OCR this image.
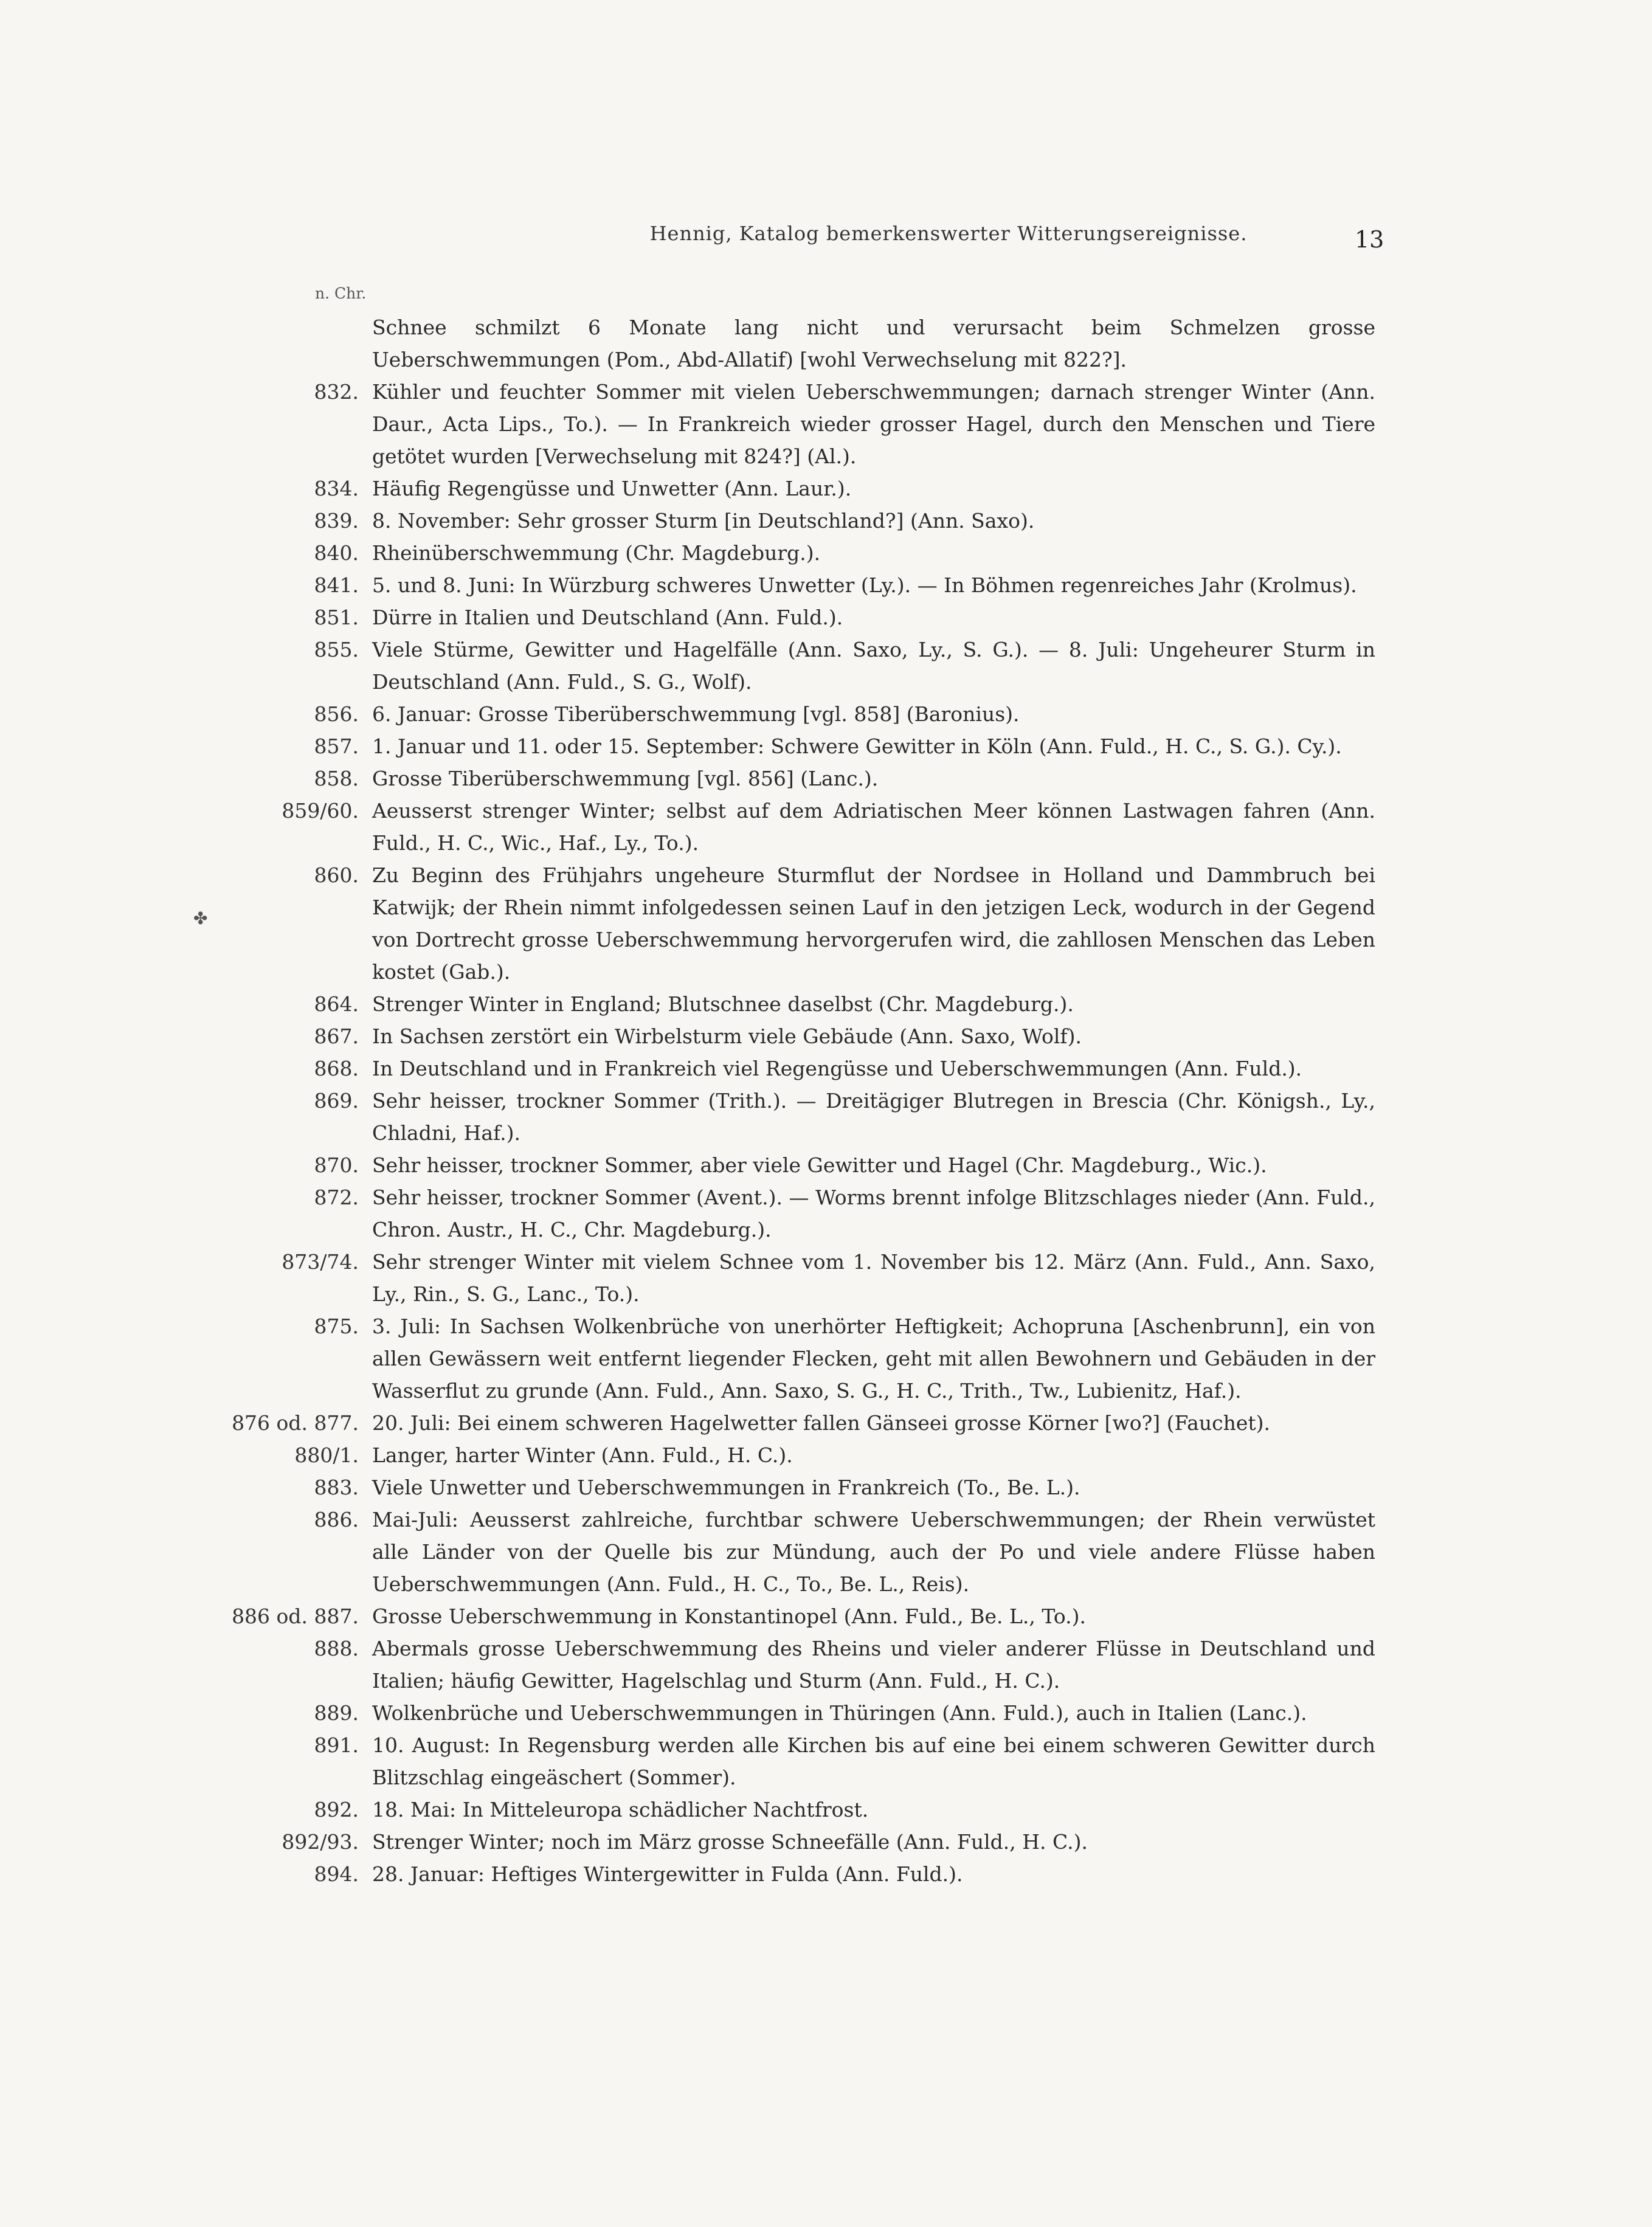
Hennig, Katalog bemerkenswerter Witterungsereignisse.	13
n. Chr.
✤
Schnee schmilzt 6 Monate lang nicht und verursacht beim Schmelzen grosse Ueberschwemmungen (Pom., Abd-Allatif) [wohl Verwechselung mit 822?].
832. Kühler und feuchter Sommer mit vielen Ueberschwemmungen; darnach strenger Winter (Ann. Daur., Acta Lips., To.). — In Frankreich wieder grosser Hagel, durch den Menschen und Tiere getötet wurden [Verwechselung mit 824?] (Al.).
834. Häufig Regengüsse und Unwetter (Ann. Laur.).
839. 8. November: Sehr grosser Sturm [in Deutschland?] (Ann. Saxo).
840. Rheinüberschwemmung (Chr. Magdeburg.).
841. 5. und 8. Juni: In Würzburg schweres Unwetter (Ly.). — In Böhmen regenreiches Jahr (Krolmus).
851. Dürre in Italien und Deutschland (Ann. Fuld.).
855. Viele Stürme, Gewitter und Hagelfälle (Ann. Saxo, Ly., S. G.). — 8. Juli: Ungeheurer Sturm in Deutschland (Ann. Fuld., S. G., Wolf).
856. 6. Januar: Grosse Tiberüberschwemmung [vgl. 858] (Baronius).
857. 1. Januar und 11. oder 15. September: Schwere Gewitter in Köln (Ann. Fuld., H. C., S. G.). Cy.).
858. Grosse Tiberüberschwemmung [vgl. 856] (Lanc.).
859/60. Aeusserst strenger Winter; selbst auf dem Adriatischen Meer können Lastwagen fahren (Ann. Fuld., H. C., Wic., Haf., Ly., To.).
860. Zu Beginn des Frühjahrs ungeheure Sturmflut der Nordsee in Holland und Dammbruch bei Katwijk; der Rhein nimmt infolgedessen seinen Lauf in den jetzigen Leck, wodurch in der Gegend von Dortrecht grosse Ueberschwemmung hervorgerufen wird, die zahllosen Menschen das Leben kostet (Gab.).
864. Strenger Winter in England; Blutschnee daselbst (Chr. Magdeburg.).
867. In Sachsen zerstört ein Wirbelsturm viele Gebäude (Ann. Saxo, Wolf).
868. In Deutschland und in Frankreich viel Regengüsse und Ueberschwemmungen (Ann. Fuld.).
869. Sehr heisser, trockner Sommer (Trith.). — Dreitägiger Blutregen in Brescia (Chr. Königsh., Ly., Chladni, Haf.).
870. Sehr heisser, trockner Sommer, aber viele Gewitter und Hagel (Chr. Magdeburg., Wic.).
872. Sehr heisser, trockner Sommer (Avent.). — Worms brennt infolge Blitzschlages nieder (Ann. Fuld., Chron. Austr., H. C., Chr. Magdeburg.).
873/74. Sehr strenger Winter mit vielem Schnee vom 1. November bis 12. März (Ann. Fuld., Ann. Saxo, Ly., Rin., S. G., Lanc., To.).
875. 3. Juli: In Sachsen Wolkenbrüche von unerhörter Heftigkeit; Achopruna [Aschenbrunn], ein von allen Gewässern weit entfernt liegender Flecken, geht mit allen Bewohnern und Gebäuden in der Wasserflut zu grunde (Ann. Fuld., Ann. Saxo, S. G., H. C., Trith., Tw., Lubienitz, Haf.).
876 od. 877. 20. Juli: Bei einem schweren Hagelwetter fallen Gänseei grosse Körner [wo?] (Fauchet).
880/1. Langer, harter Winter (Ann. Fuld., H. C.).
883. Viele Unwetter und Ueberschwemmungen in Frankreich (To., Be. L.).
886. Mai-Juli: Aeusserst zahlreiche, furchtbar schwere Ueberschwemmungen; der Rhein verwüstet alle Länder von der Quelle bis zur Mündung, auch der Po und viele andere Flüsse haben Ueberschwemmungen (Ann. Fuld., H. C., To., Be. L., Reis).
886 od. 887. Grosse Ueberschwemmung in Konstantinopel (Ann. Fuld., Be. L., To.).
888. Abermals grosse Ueberschwemmung des Rheins und vieler anderer Flüsse in Deutschland und Italien; häufig Gewitter, Hagelschlag und Sturm (Ann. Fuld., H. C.).
889. Wolkenbrüche und Ueberschwemmungen in Thüringen (Ann. Fuld.), auch in Italien (Lanc.).
891. 10. August: In Regensburg werden alle Kirchen bis auf eine bei einem schweren Gewitter durch Blitzschlag eingeäschert (Sommer).
892. 18. Mai: In Mitteleuropa schädlicher Nachtfrost.
892/93. Strenger Winter; noch im März grosse Schneefälle (Ann. Fuld., H. C.).
894. 28. Januar: Heftiges Wintergewitter in Fulda (Ann. Fuld.).
